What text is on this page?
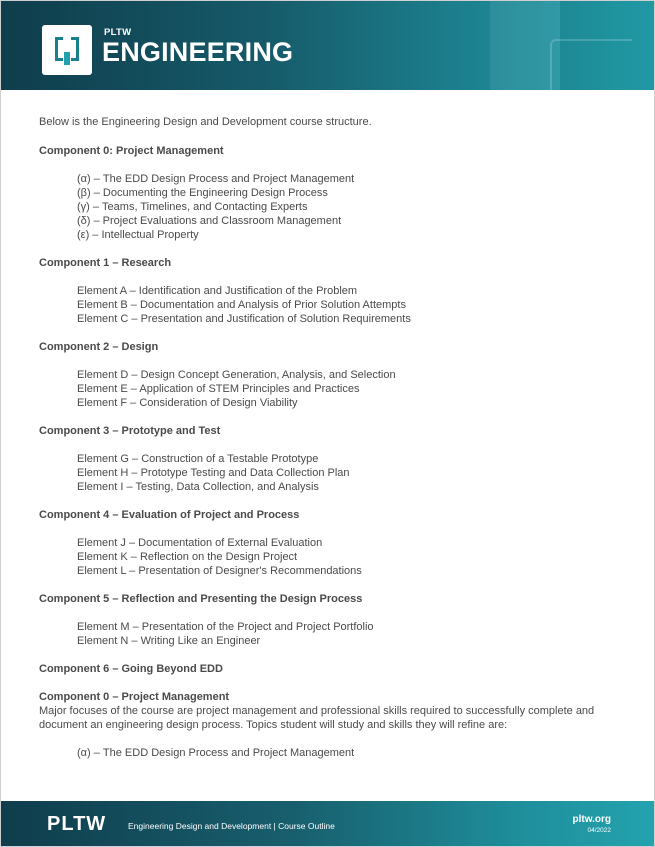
PLTW
ENGINEERING

Below is the Engineering Design and Development course structure.

Component 0: Project Management

(α) – The EDD Design Process and Project Management
(β) – Documenting the Engineering Design Process
(γ) – Teams, Timelines, and Contacting Experts
(δ) – Project Evaluations and Classroom Management
(ε) – Intellectual Property

Component 1 – Research

Element A – Identification and Justification of the Problem
Element B – Documentation and Analysis of Prior Solution Attempts
Element C – Presentation and Justification of Solution Requirements

Component 2 – Design

Element D – Design Concept Generation, Analysis, and Selection
Element E – Application of STEM Principles and Practices
Element F – Consideration of Design Viability

Component 3 – Prototype and Test

Element G – Construction of a Testable Prototype
Element H – Prototype Testing and Data Collection Plan
Element I – Testing, Data Collection, and Analysis

Component 4 – Evaluation of Project and Process

Element J – Documentation of External Evaluation
Element K – Reflection on the Design Project
Element L – Presentation of Designer's Recommendations

Component 5 – Reflection and Presenting the Design Process

Element M – Presentation of the Project and Project Portfolio
Element N – Writing Like an Engineer

Component 6 – Going Beyond EDD

Component 0 – Project Management

Major focuses of the course are project management and professional skills required to successfully complete and document an engineering design process. Topics student will study and skills they will refine are:

(α) – The EDD Design Process and Project Management
PLTW	Engineering Design and Development | Course Outline
pltw.org
04/2022
